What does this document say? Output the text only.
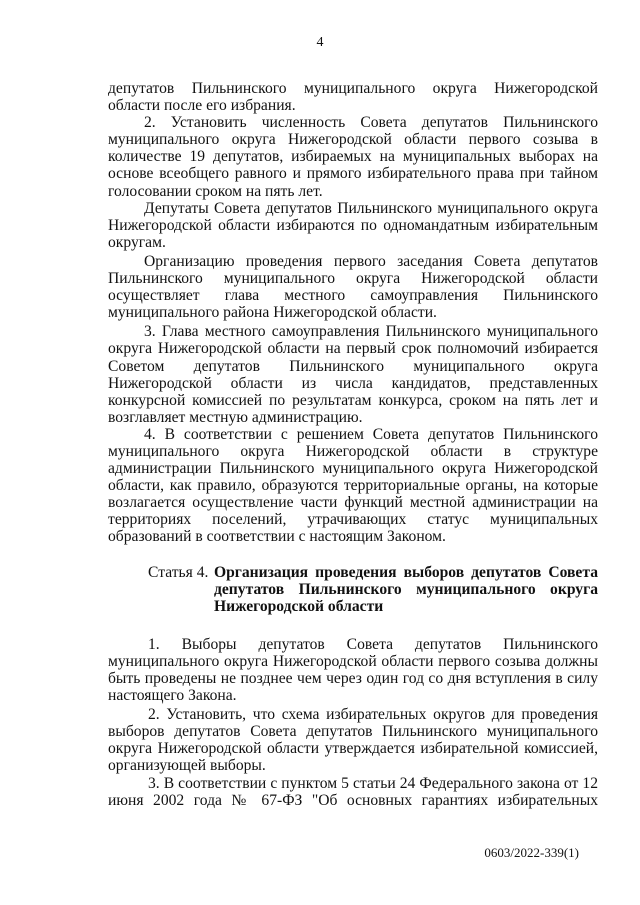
4

депутатов Пильнинского муниципального округа Нижегородской области после его избрания.

2. Установить численность Совета депутатов Пильнинского муниципального округа Нижегородской области первого созыва в количестве 19 депутатов, избираемых на муниципальных выборах на основе всеобщего равного и прямого избирательного права при тайном голосовании сроком на пять лет.

Депутаты Совета депутатов Пильнинского муниципального округа Нижегородской области избираются по одномандатным избирательным округам.

Организацию проведения первого заседания Совета депутатов Пильнинского муниципального округа Нижегородской области осуществляет глава местного самоуправления Пильнинского муниципального района Нижегородской области.

3. Глава местного самоуправления Пильнинского муниципального округа Нижегородской области на первый срок полномочий избирается Советом депутатов Пильнинского муниципального округа Нижегородской области из числа кандидатов, представленных конкурсной комиссией по результатам конкурса, сроком на пять лет и возглавляет местную администрацию.

4. В соответствии с решением Совета депутатов Пильнинского муниципального округа Нижегородской области в структуре администрации Пильнинского муниципального округа Нижегородской области, как правило, образуются территориальные органы, на которые возлагается осуществление части функций местной администрации на территориях поселений, утрачивающих статус муниципальных образований в соответствии с настоящим Законом.

Статья 4. Организация проведения выборов депутатов Совета депутатов Пильнинского муниципального округа Нижегородской области

1. Выборы депутатов Совета депутатов Пильнинского муниципального округа Нижегородской области первого созыва должны быть проведены не позднее чем через один год со дня вступления в силу настоящего Закона.

2. Установить, что схема избирательных округов для проведения выборов депутатов Совета депутатов Пильнинского муниципального округа Нижегородской области утверждается избирательной комиссией, организующей выборы.

3. В соответствии с пунктом 5 статьи 24 Федерального закона от 12 июня 2002 года № 67-ФЗ "Об основных гарантиях избирательных

0603/2022-339(1)
